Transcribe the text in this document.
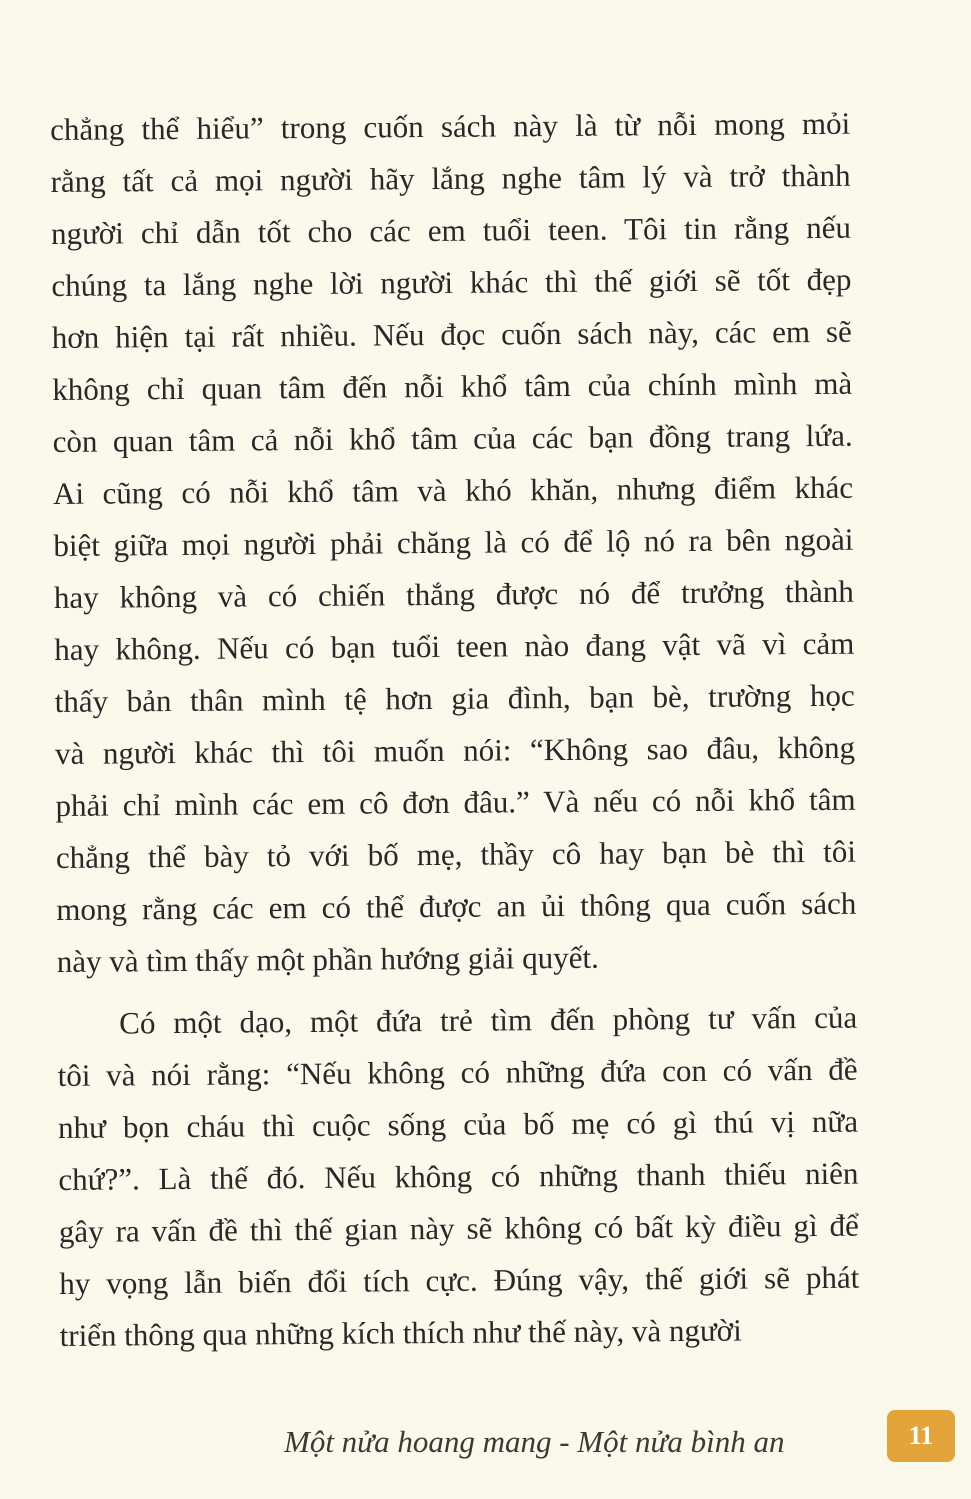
chẳng thể hiểu” trong cuốn sách này là từ nỗi mong mỏi
rằng tất cả mọi người hãy lắng nghe tâm lý và trở thành
người chỉ dẫn tốt cho các em tuổi teen. Tôi tin rằng nếu
chúng ta lắng nghe lời người khác thì thế giới sẽ tốt đẹp
hơn hiện tại rất nhiều. Nếu đọc cuốn sách này, các em sẽ
không chỉ quan tâm đến nỗi khổ tâm của chính mình mà
còn quan tâm cả nỗi khổ tâm của các bạn đồng trang lứa.
Ai cũng có nỗi khổ tâm và khó khăn, nhưng điểm khác
biệt giữa mọi người phải chăng là có để lộ nó ra bên ngoài
hay không và có chiến thắng được nó để trưởng thành
hay không. Nếu có bạn tuổi teen nào đang vật vã vì cảm
thấy bản thân mình tệ hơn gia đình, bạn bè, trường học
và người khác thì tôi muốn nói: “Không sao đâu, không
phải chỉ mình các em cô đơn đâu.” Và nếu có nỗi khổ tâm
chẳng thể bày tỏ với bố mẹ, thầy cô hay bạn bè thì tôi
mong rằng các em có thể được an ủi thông qua cuốn sách
này và tìm thấy một phần hướng giải quyết.
Có một dạo, một đứa trẻ tìm đến phòng tư vấn của
tôi và nói rằng: “Nếu không có những đứa con có vấn đề
như bọn cháu thì cuộc sống của bố mẹ có gì thú vị nữa
chứ?”. Là thế đó. Nếu không có những thanh thiếu niên
gây ra vấn đề thì thế gian này sẽ không có bất kỳ điều gì để
hy vọng lẫn biến đổi tích cực. Đúng vậy, thế giới sẽ phát
triển thông qua những kích thích như thế này, và người
Một nửa hoang mang - Một nửa bình an	11
